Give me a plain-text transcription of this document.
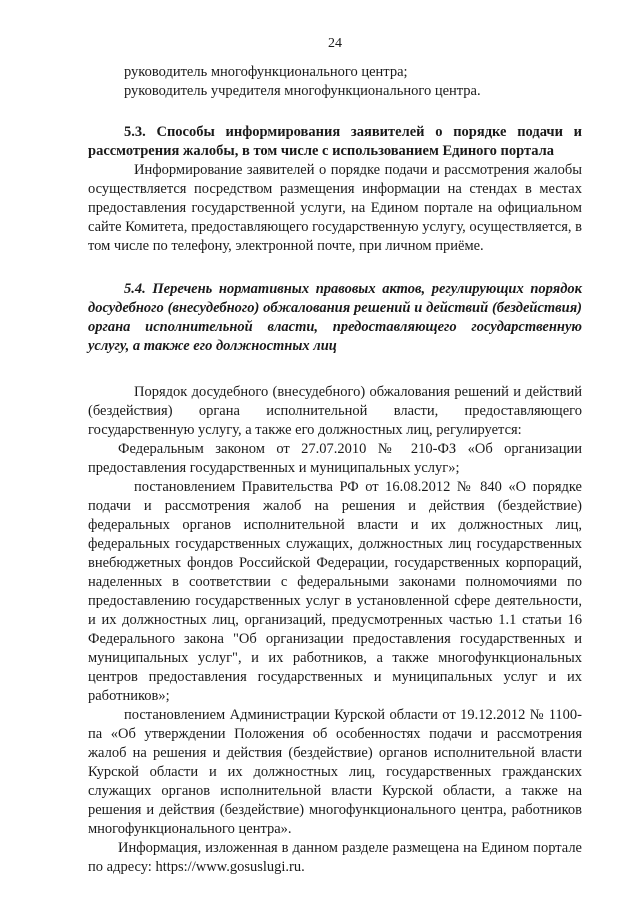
24

руководитель многофункционального центра;

руководитель учредителя многофункционального центра.

5.3. Способы информирования заявителей о порядке подачи и рассмотрения жалобы, в том числе с использованием Единого портала

Информирование заявителей о порядке подачи и рассмотрения жалобы осуществляется посредством размещения информации на стендах в местах предоставления государственной услуги, на Едином портале на официальном сайте Комитета, предоставляющего государственную услугу, осуществляется, в том числе по телефону, электронной почте, при личном приёме.

5.4. Перечень нормативных правовых актов, регулирующих порядок досудебного (внесудебного) обжалования решений и действий (бездействия) органа исполнительной власти, предоставляющего государственную услугу, а также его должностных лиц

Порядок досудебного (внесудебного) обжалования решений и действий (бездействия) органа исполнительной власти, предоставляющего государственную услугу, а также его должностных лиц, регулируется:

Федеральным законом от 27.07.2010 № 210-ФЗ «Об организации предоставления государственных и муниципальных услуг»;

постановлением Правительства РФ от 16.08.2012 № 840 «О порядке подачи и рассмотрения жалоб на решения и действия (бездействие) федеральных органов исполнительной власти и их должностных лиц, федеральных государственных служащих, должностных лиц государственных внебюджетных фондов Российской Федерации, государственных корпораций, наделенных в соответствии с федеральными законами полномочиями по предоставлению государственных услуг в установленной сфере деятельности, и их должностных лиц, организаций, предусмотренных частью 1.1 статьи 16 Федерального закона "Об организации предоставления государственных и муниципальных услуг", и их работников, а также многофункциональных центров предоставления государственных и муниципальных услуг и их работников»;

постановлением Администрации Курской области от 19.12.2012 № 1100-па «Об утверждении Положения об особенностях подачи и рассмотрения жалоб на решения и действия (бездействие) органов исполнительной власти Курской области и их должностных лиц, государственных гражданских служащих органов исполнительной власти Курской области, а также на решения и действия (бездействие) многофункционального центра, работников многофункционального центра».

Информация, изложенная в данном разделе размещена на Едином портале по адресу: https://www.gosuslugi.ru.
